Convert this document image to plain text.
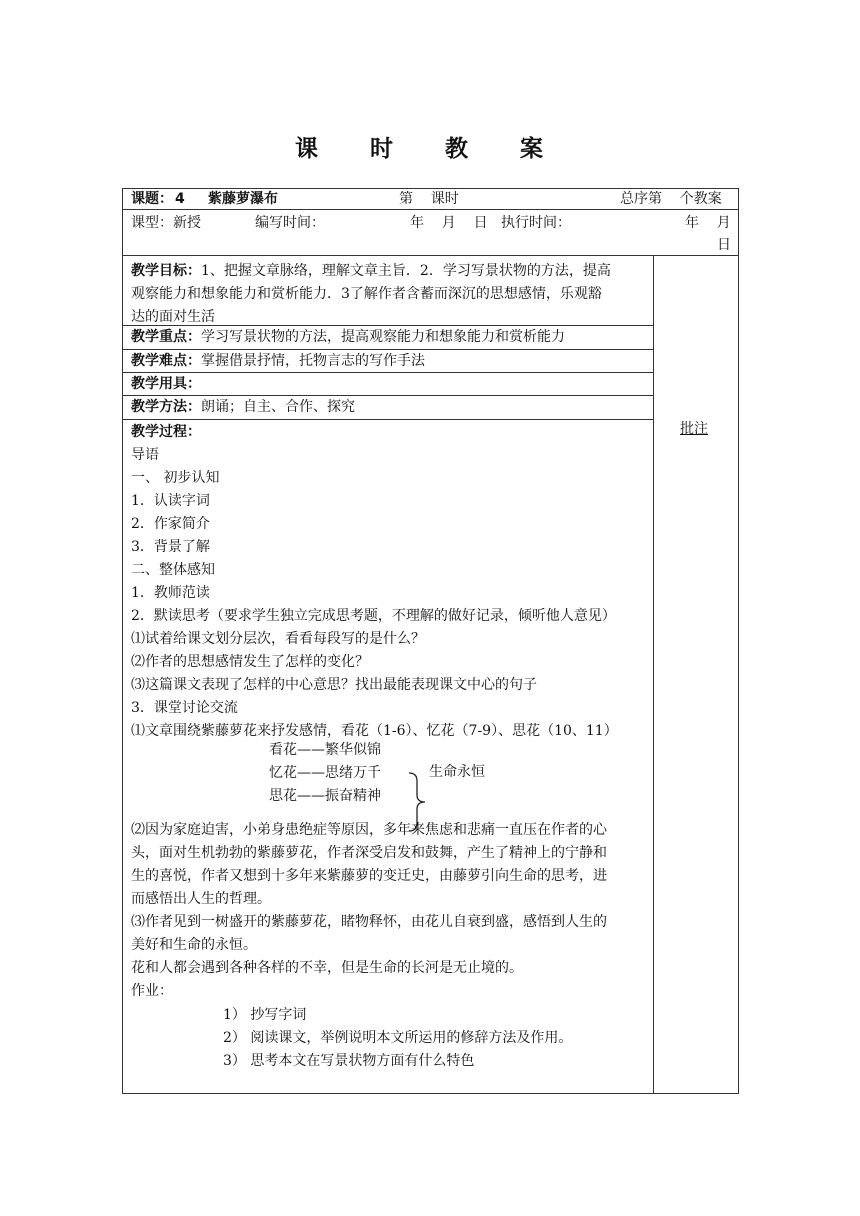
课 时 教 案
课题： 4 紫藤萝瀑布	第    课时	总序第    个教案
课型：新授	编写时间：	年    月    日 执行时间：	年    月
日
教学目标：1、把握文章脉络，理解文章主旨．2．学习写景状物的方法，提高
观察能力和想象能力和赏析能力．3了解作者含蓄而深沉的思想感情，乐观豁
达的面对生活
教学重点：学习写景状物的方法，提高观察能力和想象能力和赏析能力
教学难点：掌握借景抒情，托物言志的写作手法
教学用具：
教学方法：朗诵；自主、合作、探究
批注
教学过程：
导语
一、 初步认知
1．认读字词
2．作家简介
3．背景了解
二、整体感知
1．教师范读
2．默读思考（要求学生独立完成思考题，不理解的做好记录，倾听他人意见）
⑴试着给课文划分层次，看看每段写的是什么？
⑵作者的思想感情发生了怎样的变化？
⑶这篇课文表现了怎样的中心意思？找出最能表现课文中心的句子
3．课堂讨论交流
⑴文章围绕紫藤萝花来抒发感情，看花（1-6）、忆花（7-9）、思花（10、11）
看花——繁华似锦
忆花——思绪万千
思花——振奋精神
生命永恒
⑵因为家庭迫害，小弟身患绝症等原因，多年来焦虑和悲痛一直压在作者的心
头，面对生机勃勃的紫藤萝花，作者深受启发和鼓舞，产生了精神上的宁静和
生的喜悦，作者又想到十多年来紫藤萝的变迁史，由藤萝引向生命的思考，进
而感悟出人生的哲理。
⑶作者见到一树盛开的紫藤萝花，睹物释怀，由花儿自衰到盛，感悟到人生的
美好和生命的永恒。
花和人都会遇到各种各样的不幸，但是生命的长河是无止境的。
作业：
1） 抄写字词
2） 阅读课文，举例说明本文所运用的修辞方法及作用。
3） 思考本文在写景状物方面有什么特色
